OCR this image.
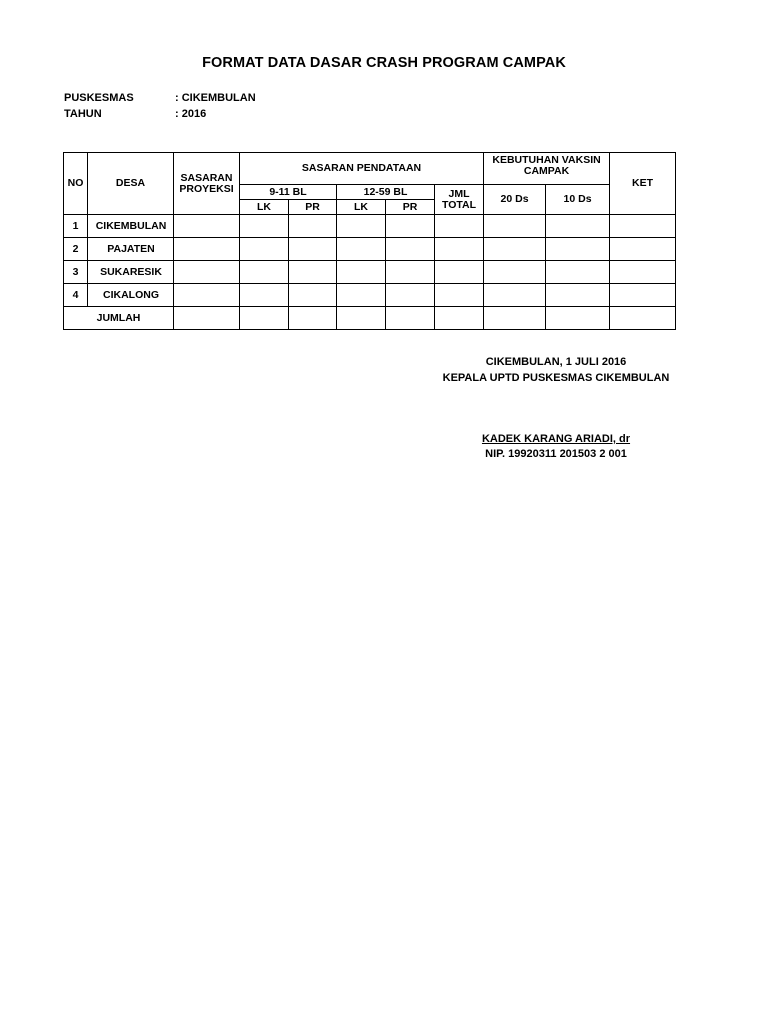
FORMAT DATA DASAR CRASH PROGRAM CAMPAK
PUSKESMAS	: CIKEMBULAN
TAHUN	: 2016
NO	DESA	SASARAN PROYEKSI	SASARAN PENDATAAN					KEBUTUHAN VAKSIN CAMPAK		KET
			9-11 BL		12-59 BL		JML TOTAL	20 Ds	10 Ds	
			LK	PR	LK	PR				
1	CIKEMBULAN									
2	PAJATEN									
3	SUKARESIK									
4	CIKALONG									
JUMLAH										
CIKEMBULAN, 1 JULI 2016
KEPALA UPTD PUSKESMAS CIKEMBULAN
KADEK KARANG ARIADI, dr
NIP. 19920311 201503 2 001
